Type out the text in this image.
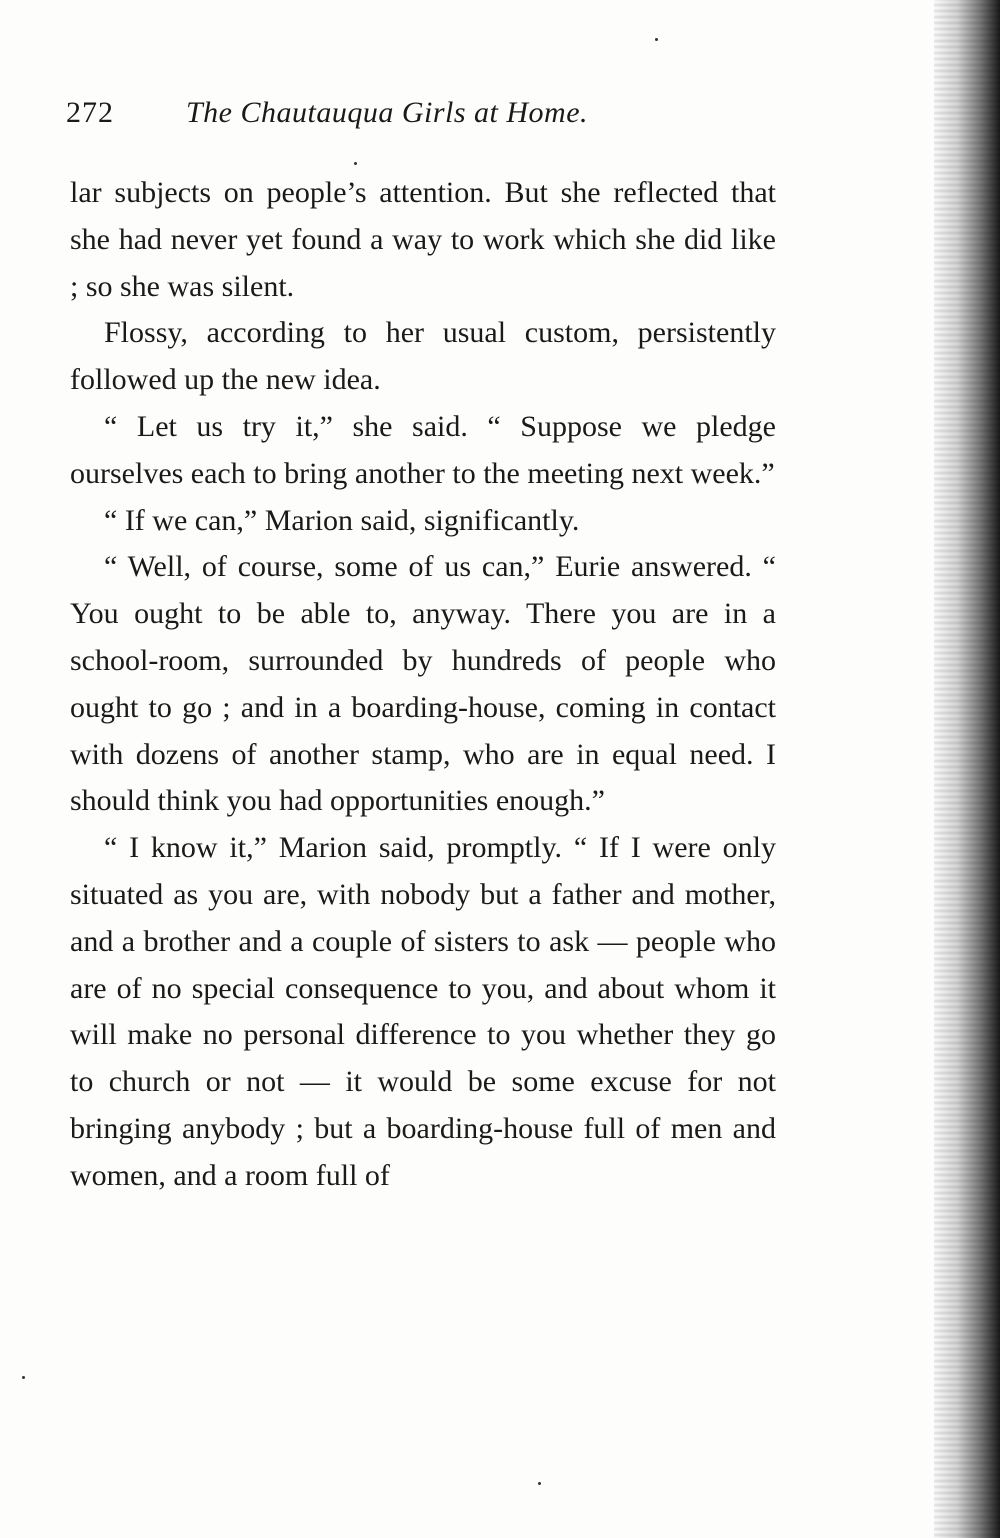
272 The Chautauqua Girls at Home.

lar subjects on people’s attention. But she reflected that she had never yet found a way to work which she did like ; so she was silent.

Flossy, according to her usual custom, persistently followed up the new idea.

“ Let us try it,” she said. “ Suppose we pledge ourselves each to bring another to the meeting next week.”

“ If we can,” Marion said, significantly.

“ Well, of course, some of us can,” Eurie answered. “ You ought to be able to, anyway. There you are in a school-room, surrounded by hundreds of people who ought to go ; and in a boarding-house, coming in contact with dozens of another stamp, who are in equal need. I should think you had opportunities enough.”

“ I know it,” Marion said, promptly. “ If I were only situated as you are, with nobody but a father and mother, and a brother and a couple of sisters to ask — people who are of no special consequence to you, and about whom it will make no personal difference to you whether they go to church or not — it would be some excuse for not bringing anybody ; but a boarding-house full of men and women, and a room full of
